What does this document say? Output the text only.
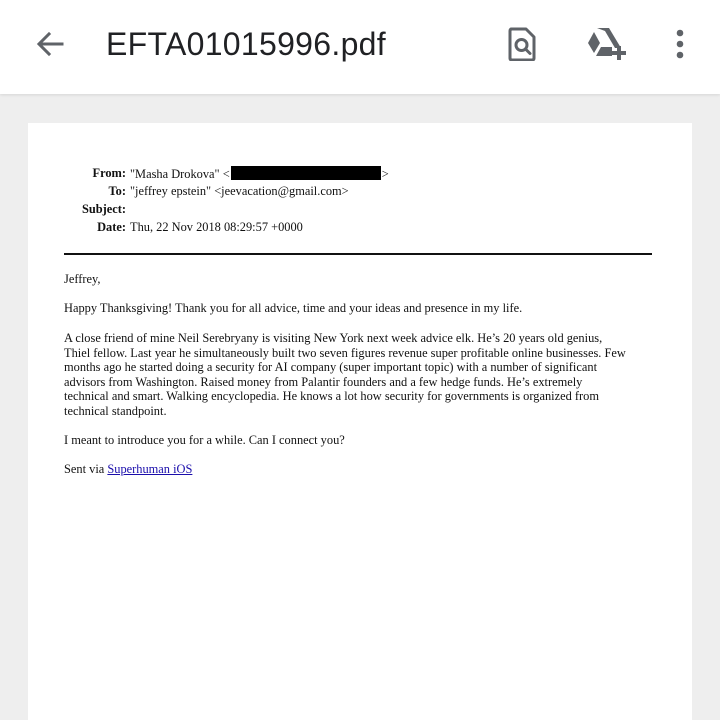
EFTA01015996.pdf
From: "Masha Drokova" <	>
To: "jeffrey epstein" <jeevacation@gmail.com>
Subject:
Date: Thu, 22 Nov 2018 08:29:57 +0000
Jeffrey,
Happy Thanksgiving! Thank you for all advice, time and your ideas and presence in my life.
A close friend of mine Neil Serebryany is visiting New York next week advice elk. He’s 20 years old genius,
Thiel fellow. Last year he simultaneously built two seven figures revenue super profitable online businesses. Few
months ago he started doing a security for AI company (super important topic) with a number of significant
advisors from Washington. Raised money from Palantir founders and a few hedge funds. He’s extremely
technical and smart. Walking encyclopedia. He knows a lot how security for governments is organized from
technical standpoint.
I meant to introduce you for a while. Can I connect you?
Sent via Superhuman iOS
